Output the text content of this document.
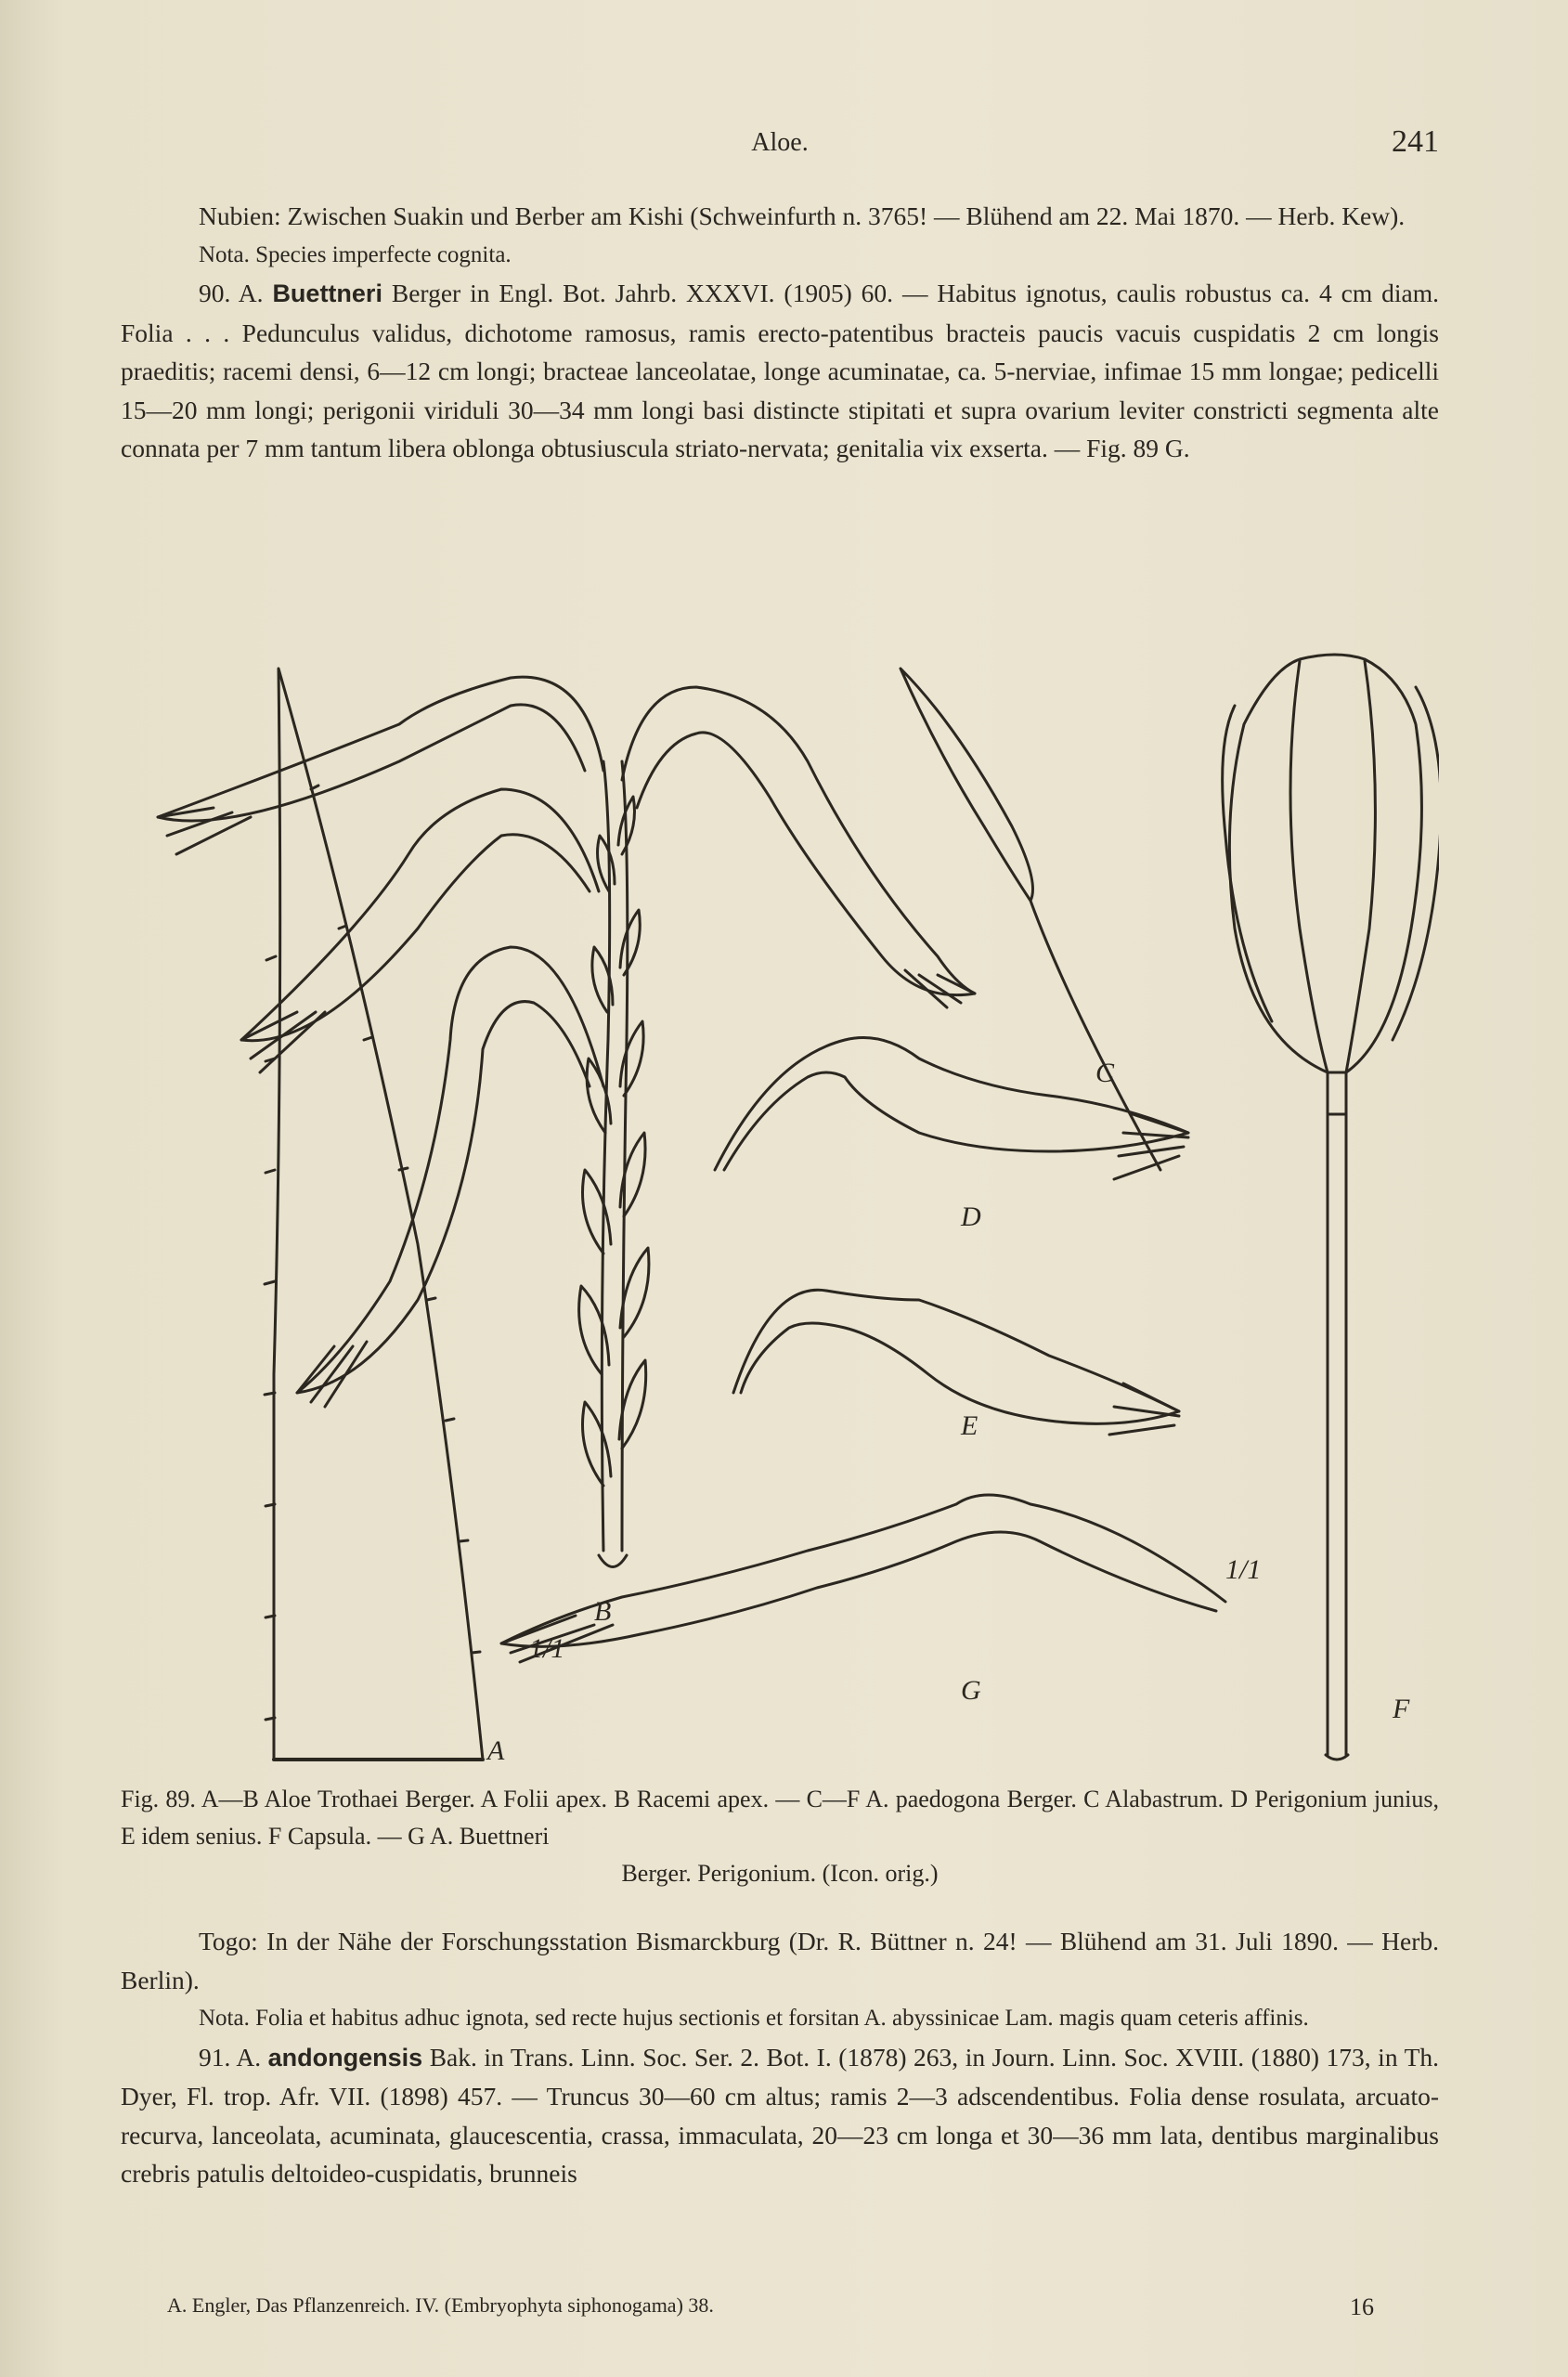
Aloe.	241

Nubien: Zwischen Suakin und Berber am Kishi (Schweinfurth n. 3765! — Blühend am 22. Mai 1870. — Herb. Kew).

Nota. Species imperfecte cognita.

90. A. Buettneri Berger in Engl. Bot. Jahrb. XXXVI. (1905) 60. — Habitus ignotus, caulis robustus ca. 4 cm diam. Folia . . . Pedunculus validus, dichotome ramosus, ramis erecto-patentibus bracteis paucis vacuis cuspidatis 2 cm longis praeditis; racemi densi, 6—12 cm longi; bracteae lanceolatae, longe acuminatae, ca. 5-nerviae, infimae 15 mm longae; pedicelli 15—20 mm longi; perigonii viriduli 30—34 mm longi basi distincte stipitati et supra ovarium leviter constricti segmenta alte connata per 7 mm tantum libera oblonga obtusiuscula striato-nervata; genitalia vix exserta. — Fig. 89 G.

A
B
C
D
E
F
G
1/1
1/1

Fig. 89. A—B Aloe Trothaei Berger. A Folii apex. B Racemi apex. — C—F A. paedogona Berger. C Alabastrum. D Perigonium junius, E idem senius. F Capsula. — G A. Buettneri

Berger. Perigonium. (Icon. orig.)

Togo: In der Nähe der Forschungsstation Bismarckburg (Dr. R. Büttner n. 24! — Blühend am 31. Juli 1890. — Herb. Berlin).

Nota. Folia et habitus adhuc ignota, sed recte hujus sectionis et forsitan A. abyssinicae Lam. magis quam ceteris affinis.

91. A. andongensis Bak. in Trans. Linn. Soc. Ser. 2. Bot. I. (1878) 263, in Journ. Linn. Soc. XVIII. (1880) 173, in Th. Dyer, Fl. trop. Afr. VII. (1898) 457. — Truncus 30—60 cm altus; ramis 2—3 adscendentibus. Folia dense rosulata, arcuato-recurva, lanceolata, acuminata, glaucescentia, crassa, immaculata, 20—23 cm longa et 30—36 mm lata, dentibus marginalibus crebris patulis deltoideo-cuspidatis, brunneis

A. Engler, Das Pflanzenreich. IV. (Embryophyta siphonogama) 38.	16
